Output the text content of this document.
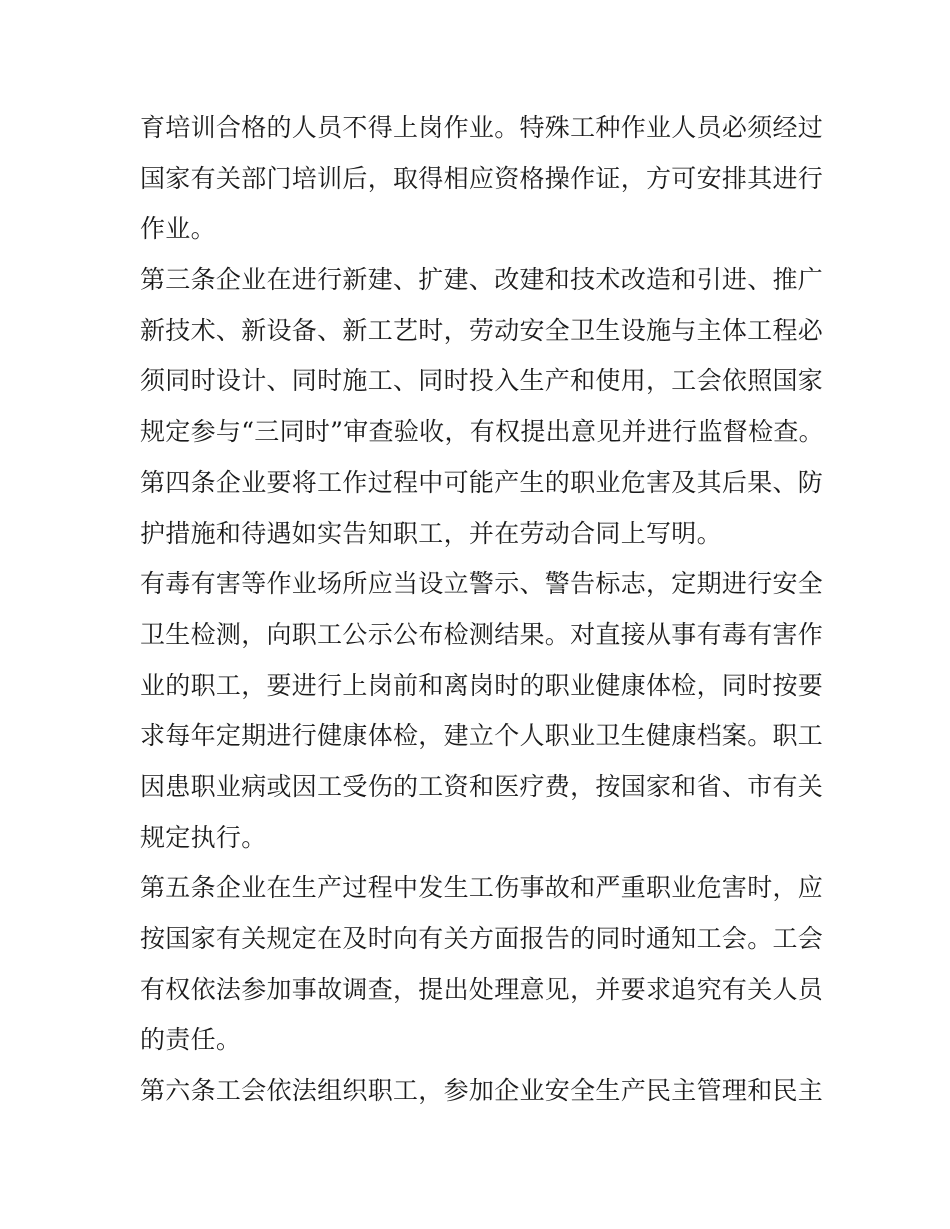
育培训合格的人员不得上岗作业。特殊工种作业人员必须经过
国家有关部门培训后，取得相应资格操作证，方可安排其进行
作业。
第三条企业在进行新建、扩建、改建和技术改造和引进、推广
新技术、新设备、新工艺时，劳动安全卫生设施与主体工程必
须同时设计、同时施工、同时投入生产和使用，工会依照国家
规定参与“三同时”审查验收，有权提出意见并进行监督检查。
第四条企业要将工作过程中可能产生的职业危害及其后果、防
护措施和待遇如实告知职工，并在劳动合同上写明。
有毒有害等作业场所应当设立警示、警告标志，定期进行安全
卫生检测，向职工公示公布检测结果。对直接从事有毒有害作
业的职工，要进行上岗前和离岗时的职业健康体检，同时按要
求每年定期进行健康体检，建立个人职业卫生健康档案。职工
因患职业病或因工受伤的工资和医疗费，按国家和省、市有关
规定执行。
第五条企业在生产过程中发生工伤事故和严重职业危害时，应
按国家有关规定在及时向有关方面报告的同时通知工会。工会
有权依法参加事故调查，提出处理意见，并要求追究有关人员
的责任。
第六条工会依法组织职工，参加企业安全生产民主管理和民主
